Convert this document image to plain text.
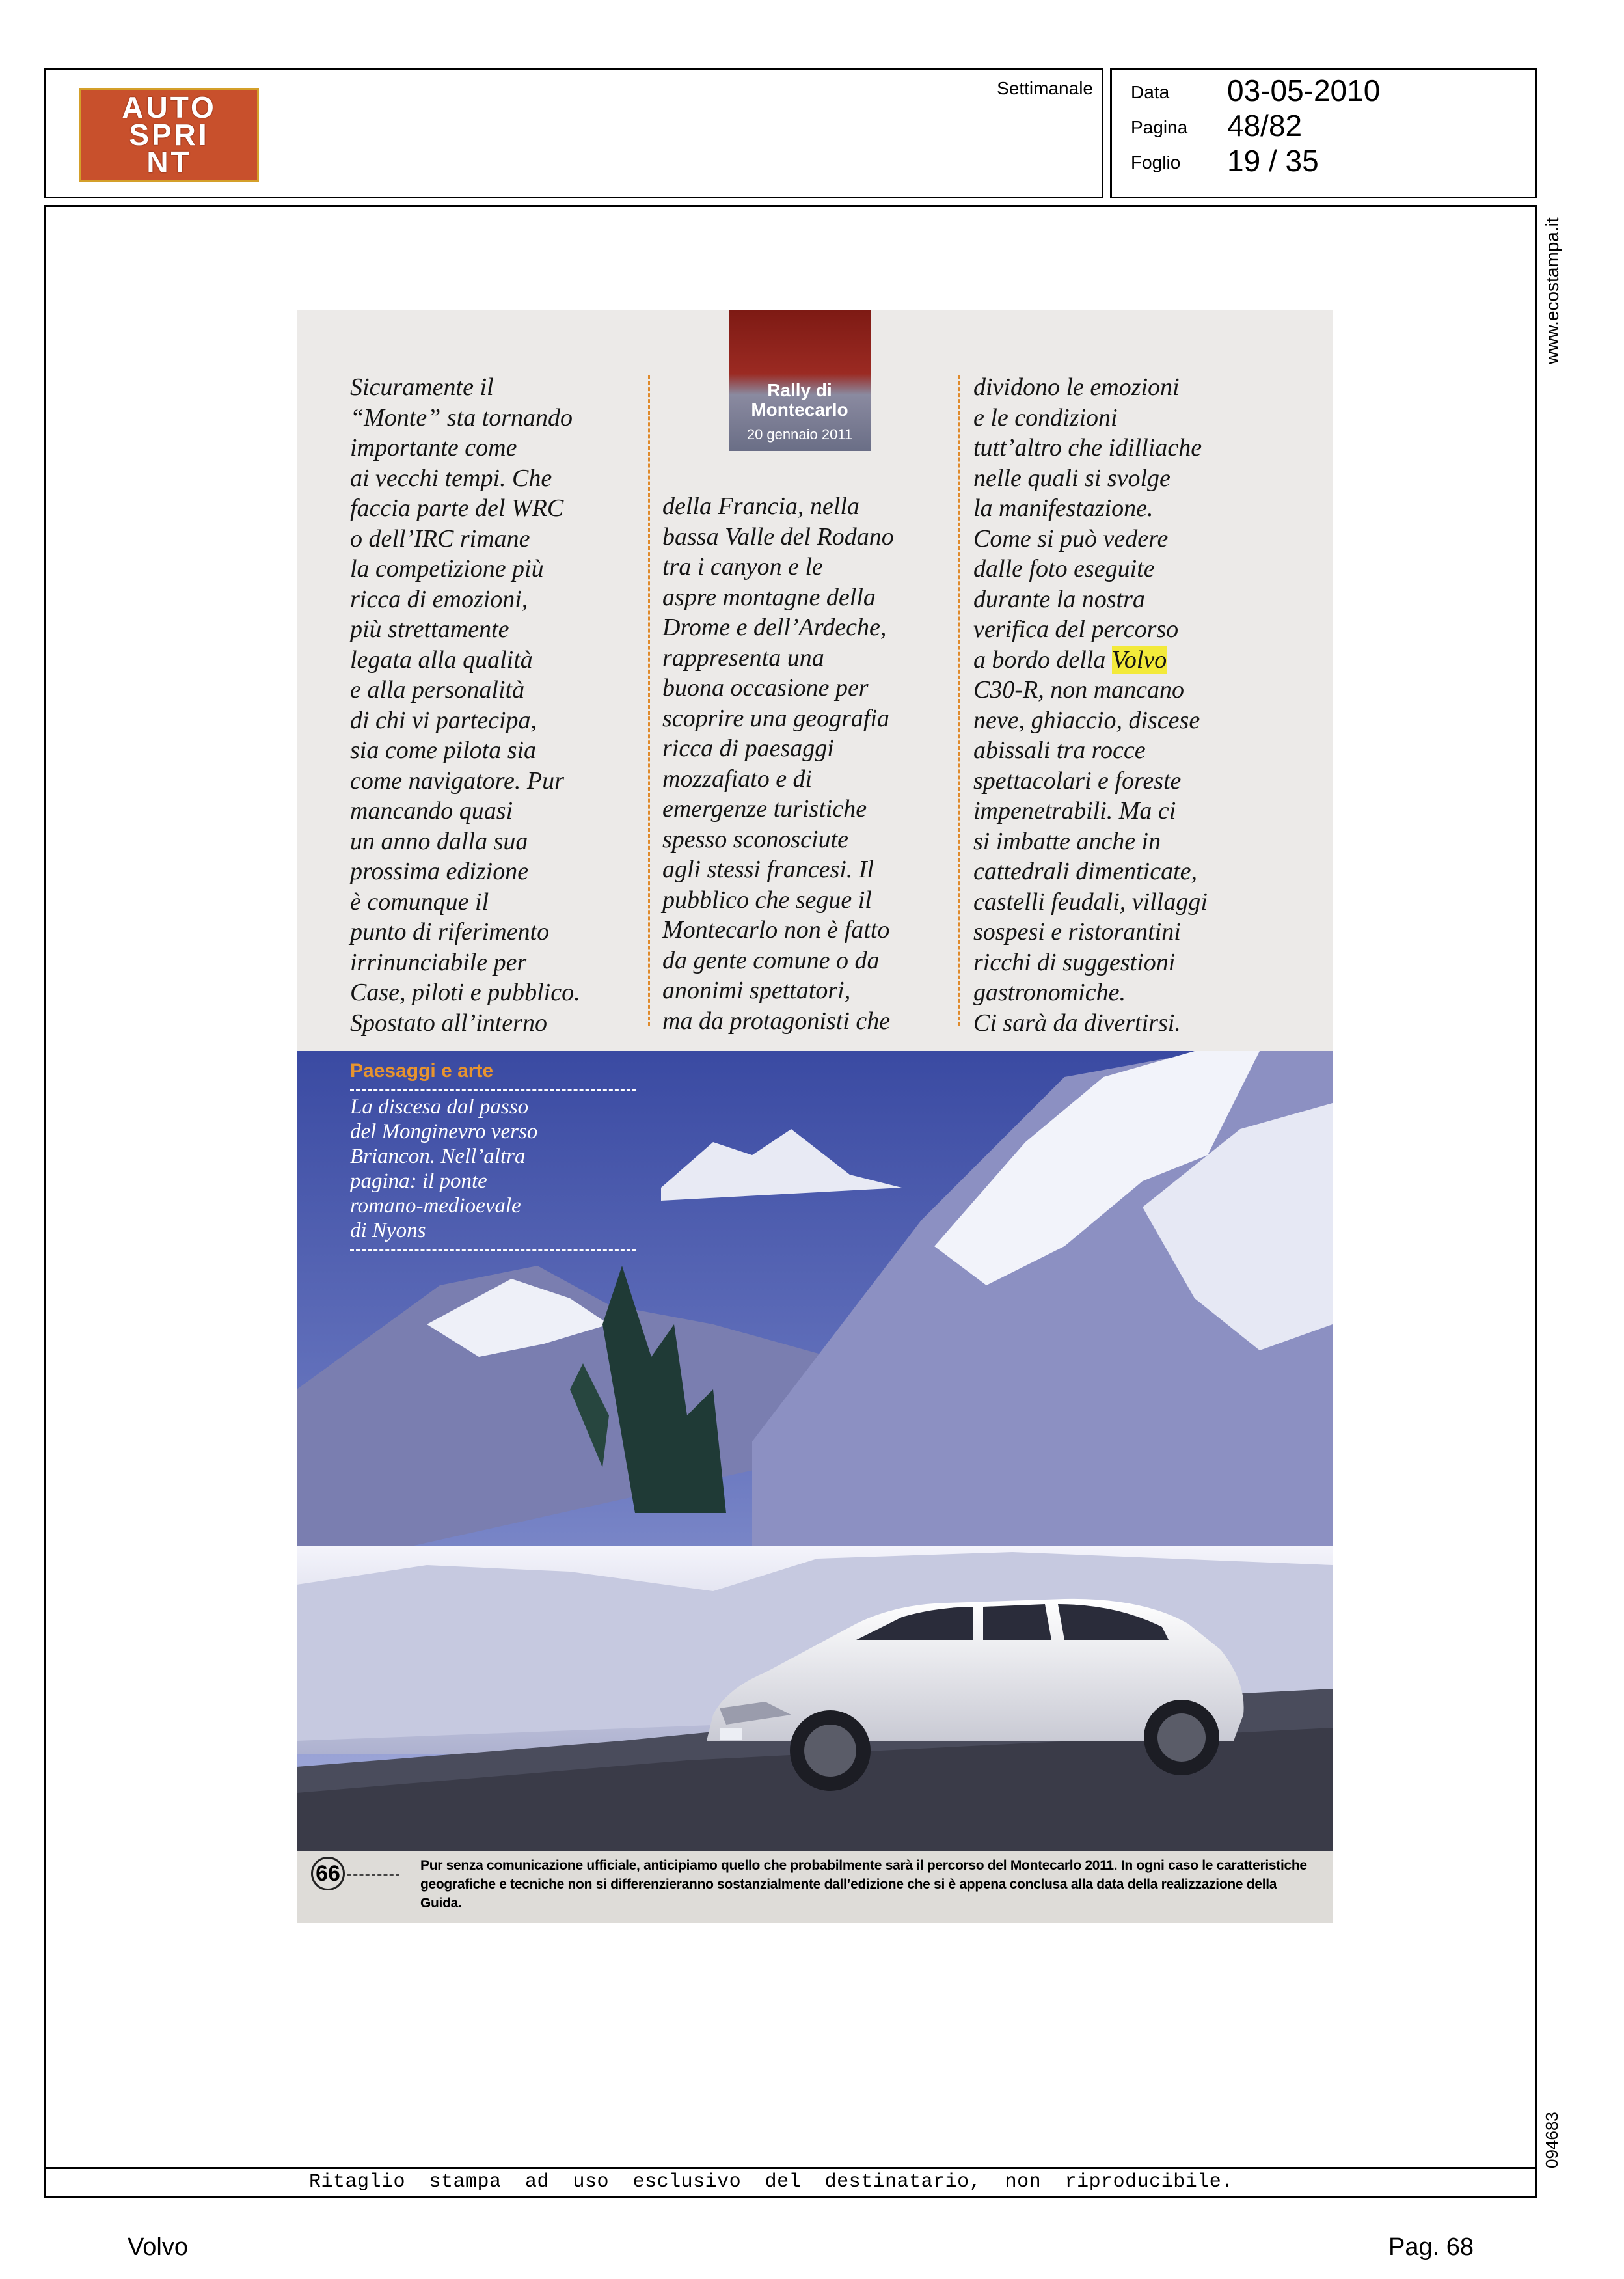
AUTO
SPRI
NT
Settimanale Data
Pagina
Foglio
03-05-2010
48/82
19 / 35
www.ecostampa.it
094683
Rally di
Montecarlo
20 gennaio 2011
Sicuramente il
“Monte” sta tornando
importante come
ai vecchi tempi. Che
faccia parte del WRC
o dell’IRC rimane
la competizione più
ricca di emozioni,
più strettamente
legata alla qualità
e alla personalità
di chi vi partecipa,
sia come pilota sia
come navigatore. Pur
mancando quasi
un anno dalla sua
prossima edizione
è comunque il
punto di riferimento
irrinunciabile per
Case, piloti e pubblico.
Spostato all’interno
della Francia, nella
bassa Valle del Rodano
tra i canyon e le
aspre montagne della
Drome e dell’Ardeche,
rappresenta una
buona occasione per
scoprire una geografia
ricca di paesaggi
mozzafiato e di
emergenze turistiche
spesso sconosciute
agli stessi francesi. Il
pubblico che segue il
Montecarlo non è fatto
da gente comune o da
anonimi spettatori,
ma da protagonisti che
dividono le emozioni
e le condizioni
tutt’altro che idilliache
nelle quali si svolge
la manifestazione.
Come si può vedere
dalle foto eseguite
durante la nostra
verifica del percorso
a bordo della Volvo
C30-R, non mancano
neve, ghiaccio, discese
abissali tra rocce
spettacolari e foreste
impenetrabili. Ma ci
si imbatte anche in
cattedrali dimenticate,
castelli feudali, villaggi
sospesi e ristorantini
ricchi di suggestioni
gastronomiche.
Ci sarà da divertirsi.
Paesaggi e arte
La discesa dal passo
del Monginevro verso
Briancon. Nell’altra
pagina: il ponte
romano-medioevale
di Nyons
66	Pur senza comunicazione ufficiale, anticipiamo quello che probabilmente sarà il percorso del Montecarlo 2011. In ogni caso le caratteristiche
geografiche e tecniche non si differenzieranno sostanzialmente dall’edizione che si è appena conclusa alla data della realizzazione della Guida.
Ritaglio stampa ad uso esclusivo del destinatario, non riproducibile.
Volvo	Pag. 68
